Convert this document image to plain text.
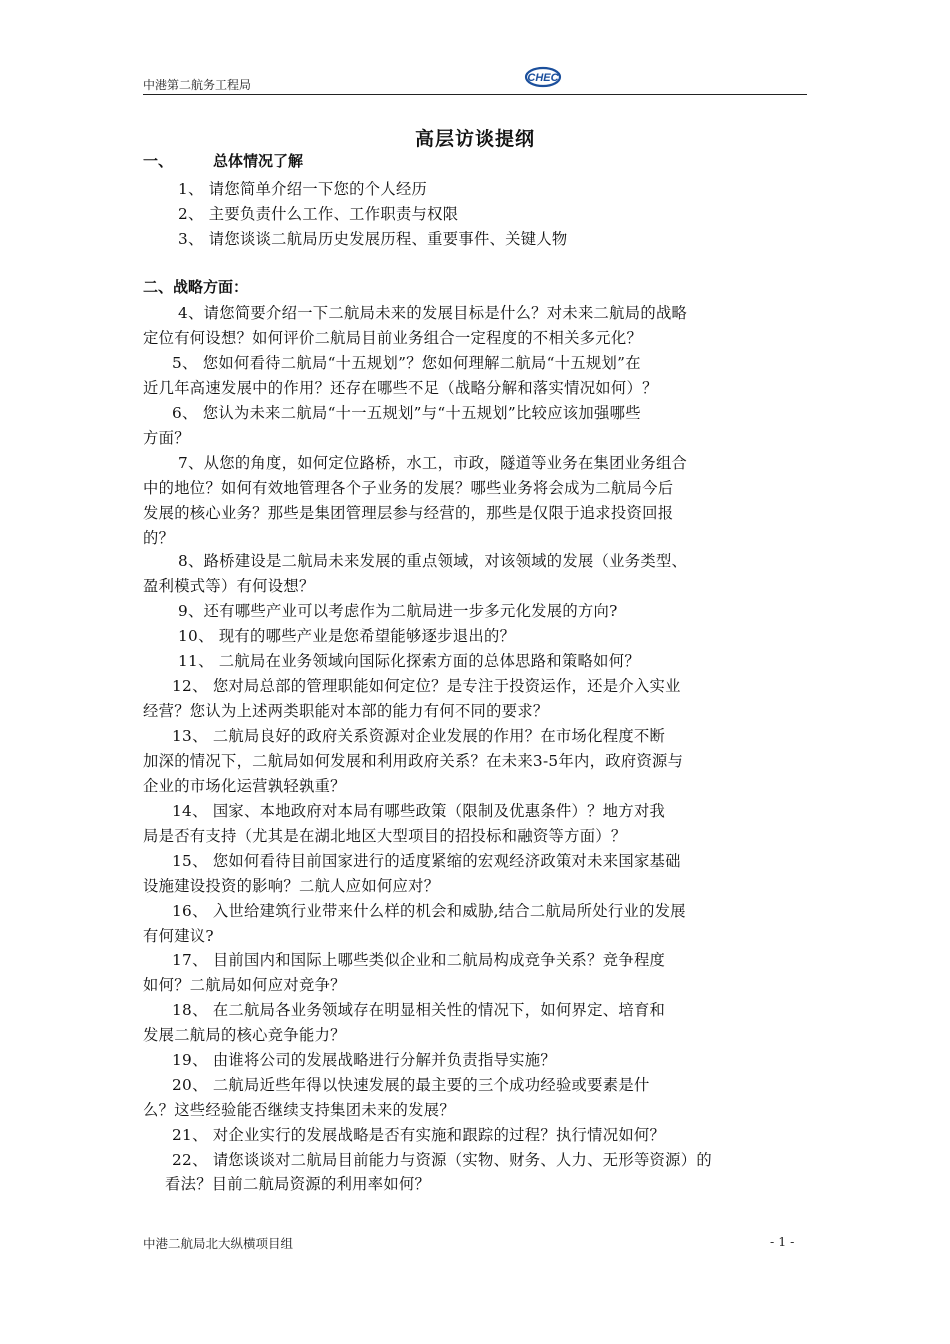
中港第二航务工程局	CHEC
高层访谈提纲
一、	总体情况了解
1、 请您简单介绍一下您的个人经历
2、 主要负责什么工作、工作职责与权限
3、 请您谈谈二航局历史发展历程、重要事件、关键人物
二、战略方面：
4、请您简要介绍一下二航局未来的发展目标是什么？对未来二航局的战略
定位有何设想？如何评价二航局目前业务组合一定程度的不相关多元化？
5、 您如何看待二航局“十五规划”？您如何理解二航局“十五规划”在
近几年高速发展中的作用？还存在哪些不足（战略分解和落实情况如何）？
6、 您认为未来二航局“十一五规划”与“十五规划”比较应该加强哪些
方面？
7、从您的角度，如何定位路桥，水工，市政，隧道等业务在集团业务组合
中的地位？如何有效地管理各个子业务的发展？哪些业务将会成为二航局今后
发展的核心业务？那些是集团管理层参与经营的，那些是仅限于追求投资回报
的？
8、路桥建设是二航局未来发展的重点领域，对该领域的发展（业务类型、
盈利模式等）有何设想？
9、还有哪些产业可以考虑作为二航局进一步多元化发展的方向?
10、 现有的哪些产业是您希望能够逐步退出的？
11、 二航局在业务领域向国际化探索方面的总体思路和策略如何？
12、 您对局总部的管理职能如何定位？是专注于投资运作，还是介入实业
经营？您认为上述两类职能对本部的能力有何不同的要求？
13、 二航局良好的政府关系资源对企业发展的作用？在市场化程度不断
加深的情况下，二航局如何发展和利用政府关系？在未来3-5年内，政府资源与
企业的市场化运营孰轻孰重？
14、 国家、本地政府对本局有哪些政策（限制及优惠条件）？地方对我
局是否有支持（尤其是在湖北地区大型项目的招投标和融资等方面）？
15、 您如何看待目前国家进行的适度紧缩的宏观经济政策对未来国家基础
设施建设投资的影响？二航人应如何应对？
16、 入世给建筑行业带来什么样的机会和威胁,结合二航局所处行业的发展
有何建议?
17、 目前国内和国际上哪些类似企业和二航局构成竞争关系？竞争程度
如何？二航局如何应对竞争？
18、 在二航局各业务领域存在明显相关性的情况下，如何界定、培育和
发展二航局的核心竞争能力？
19、 由谁将公司的发展战略进行分解并负责指导实施？
20、 二航局近些年得以快速发展的最主要的三个成功经验或要素是什
么？这些经验能否继续支持集团未来的发展？
21、 对企业实行的发展战略是否有实施和跟踪的过程？执行情况如何？
22、 请您谈谈对二航局目前能力与资源（实物、财务、人力、无形等资源）的
看法？目前二航局资源的利用率如何？
中港二航局北大纵横项目组	- 1 -
